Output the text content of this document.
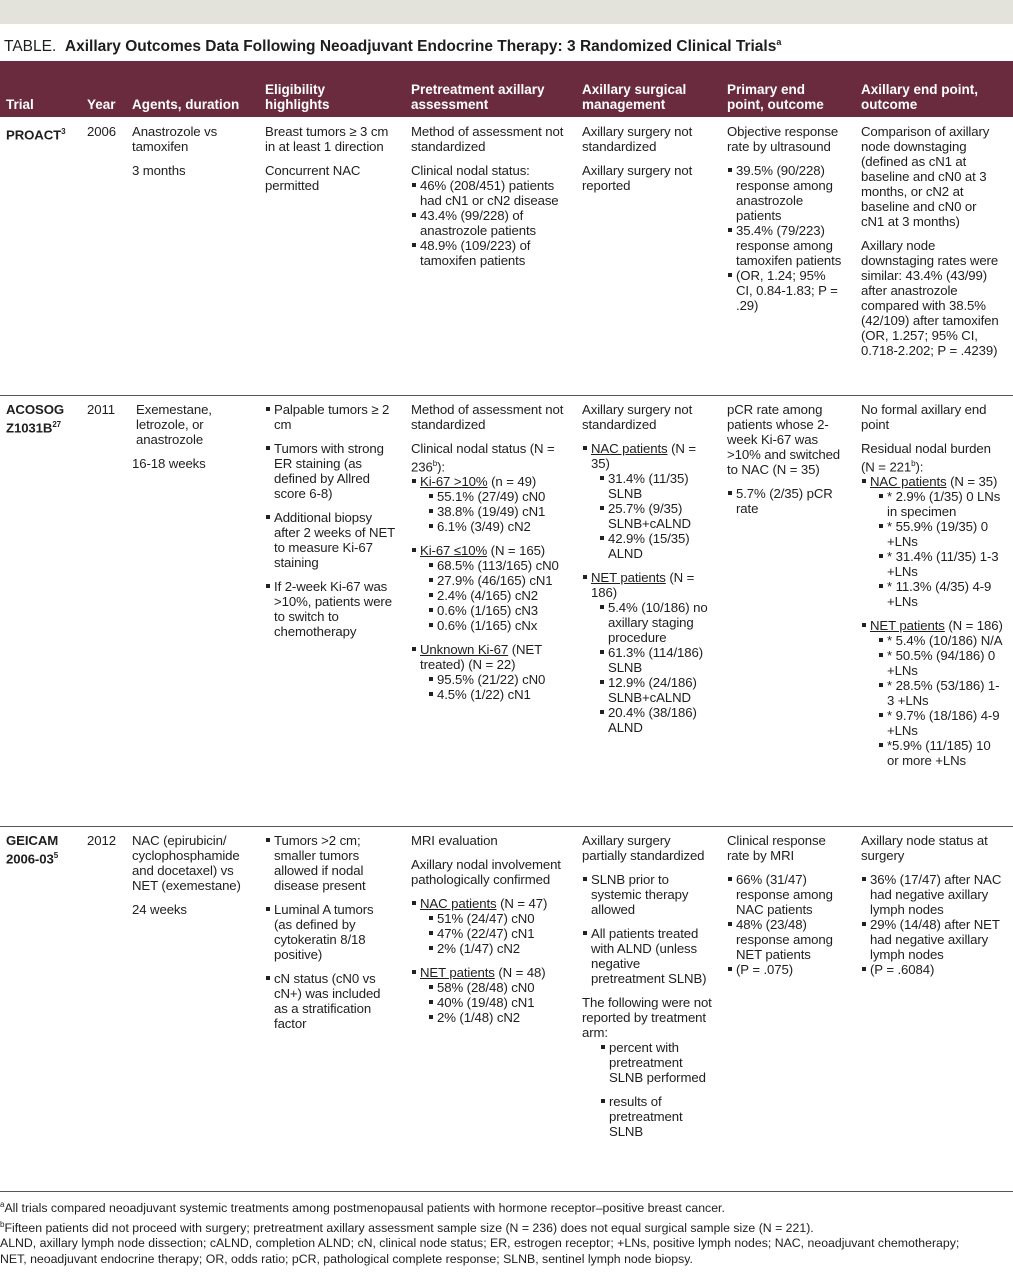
TABLE. Axillary Outcomes Data Following Neoadjuvant Endocrine Therapy: 3 Randomized Clinical Trials$^a$
Trial	Year Agents, duration
Eligibility
highlights
Pretreatment axillary
assessment
Axillary surgical
management
Primary end
point, outcome
Axillary end point,
outcome
PROACT$^3$ 2006 Anastrozole vs tamoxifen

3 months

Breast tumors ≥ 3 cm in at least 1 direction

Concurrent NAC permitted

Method of assessment not standardized

Clinical nodal status:
46% (208/451) patients had cN1 or cN2 disease
43.4% (99/228) of anastrozole patients
48.9% (109/223) of tamoxifen patients

Axillary surgery not standardized

Axillary surgery not reported

Objective response rate by ultrasound

39.5% (90/228) response among anastrozole patients
35.4% (79/223) response among tamoxifen patients
(OR, 1.24; 95% CI, 0.84-1.83; P = .29)

Comparison of axillary node downstaging (defined as cN1 at baseline and cN0 at 3 months, or cN2 at baseline and cN0 or cN1 at 3 months)

Axillary node downstaging rates were similar: 43.4% (43/99) after anastrozole compared with 38.5% (42/109) after tamoxifen (OR, 1.257; 95% CI, 0.718-2.202; P = .4239)

ACOSOG
$Z1031B^{27}$
2011	Exemestane, letrozole, or anastrozole

16-18 weeks

Palpable tumors ≥ 2 cm
Tumors with strong ER staining (as defined by Allred score 6-8)
Additional biopsy after 2 weeks of NET to measure Ki-67 staining
If 2-week Ki-67 was >10%, patients were to switch to chemotherapy

Method of assessment not standardized

Clinical nodal status $(N = 236^b)$:
Ki-67 >10% (n = 49)
55.1% (27/49) cN0
38.8% (19/49) cN1
6.1% (3/49) cN2
Ki-67 ≤10% (N = 165)
68.5% (113/165) cN0
27.9% (46/165) cN1
2.4% (4/165) cN2
0.6% (1/165) cN3
0.6% (1/165) cNx
Unknown Ki-67 (NET treated) (N = 22)
95.5% (21/22) cN0
4.5% (1/22) cN1

Axillary surgery not standardized

NAC patients (N = 35)
31.4% (11/35) SLNB
25.7% (9/35) SLNB+cALND
42.9% (15/35) ALND
NET patients (N = 186)
5.4% (10/186) no axillary staging procedure
61.3% (114/186) SLNB
12.9% (24/186) SLNB+cALND
20.4% (38/186) ALND

pCR rate among patients whose 2-week Ki-67 was >10% and switched to NAC (N = 35)

5.7% (2/35) pCR rate

No formal axillary end point

Residual nodal burden $(N = 221^b)$:
NAC patients (N = 35)
* 2.9% (1/35) 0 LNs in specimen
* 55.9% (19/35) 0 +LNs
* 31.4% (11/35) 1-3 +LNs
* 11.3% (4/35) 4-9 +LNs
NET patients (N = 186)
* 5.4% (10/186) N/A
* 50.5% (94/186) 0 +LNs
* 28.5% (53/186) 1-3 +LNs
* 9.7% (18/186) 4-9 +LNs
*5.9% (11/185) 10 or more +LNs
GEICAM
$2006-03^5$
2012 NAC (epirubicin/ cyclophosphamide and docetaxel) vs NET (exemestane)

24 weeks

Tumors >2 cm; smaller tumors allowed if nodal disease present
Luminal A tumors (as defined by cytokeratin 8/18 positive)
cN status (cN0 vs cN+) was included as a stratification factor

MRI evaluation

Axillary nodal involvement pathologically confirmed

NAC patients (N = 47)
51% (24/47) cN0
47% (22/47) cN1
2% (1/47) cN2
NET patients (N = 48)
58% (28/48) cN0
40% (19/48) cN1
2% (1/48) cN2

Axillary surgery partially standardized

SLNB prior to systemic therapy allowed
All patients treated with ALND (unless negative pretreatment SLNB)
The following were not reported by treatment arm:
percent with pretreatment SLNB performed
results of pretreatment SLNB

Clinical response rate by MRI

66% (31/47) response among NAC patients
48% (23/48) response among NET patients
(P = .075)

Axillary node status at surgery

36% (17/47) after NAC had negative axillary lymph nodes
29% (14/48) after NET had negative axillary lymph nodes
(P = .6084)
$^a$All trials compared neoadjuvant systemic treatments among postmenopausal patients with hormone receptor–positive breast cancer.
$^b$Fifteen patients did not proceed with surgery; pretreatment axillary assessment sample size (N = 236) does not equal surgical sample size (N = 221).
ALND, axillary lymph node dissection; cALND, completion ALND; cN, clinical node status; ER, estrogen receptor; +LNs, positive lymph nodes; NAC, neoadjuvant chemotherapy;
NET, neoadjuvant endocrine therapy; OR, odds ratio; pCR, pathological complete response; SLNB, sentinel lymph node biopsy.
